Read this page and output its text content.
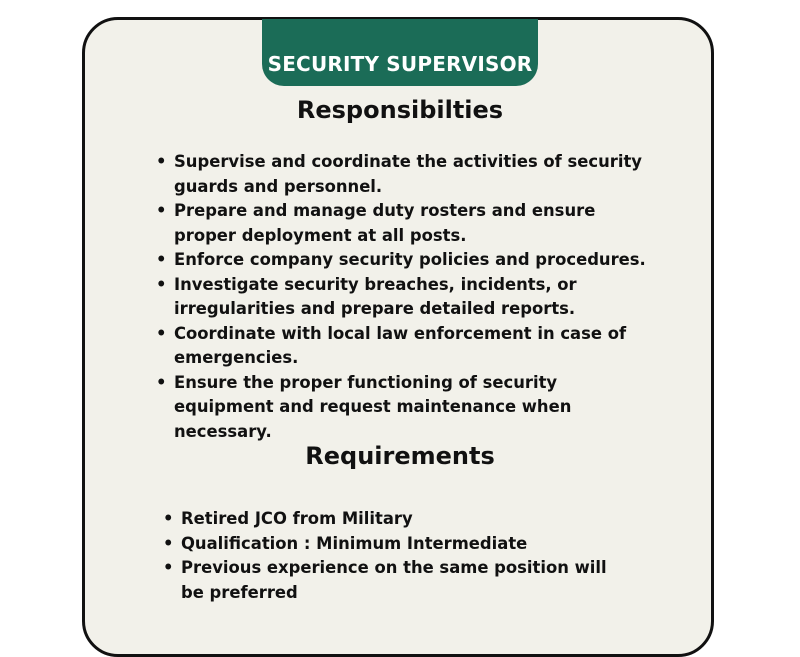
SECURITY SUPERVISOR
Responsibilties
• Supervise and coordinate the activities of security guards and personnel.
• Prepare and manage duty rosters and ensure proper deployment at all posts.
• Enforce company security policies and procedures.
• Investigate security breaches, incidents, or irregularities and prepare detailed reports.
• Coordinate with local law enforcement in case of emergencies.
• Ensure the proper functioning of security equipment and request maintenance when necessary.
Requirements
• Retired JCO from Military
• Qualification : Minimum Intermediate
• Previous experience on the same position will be preferred
